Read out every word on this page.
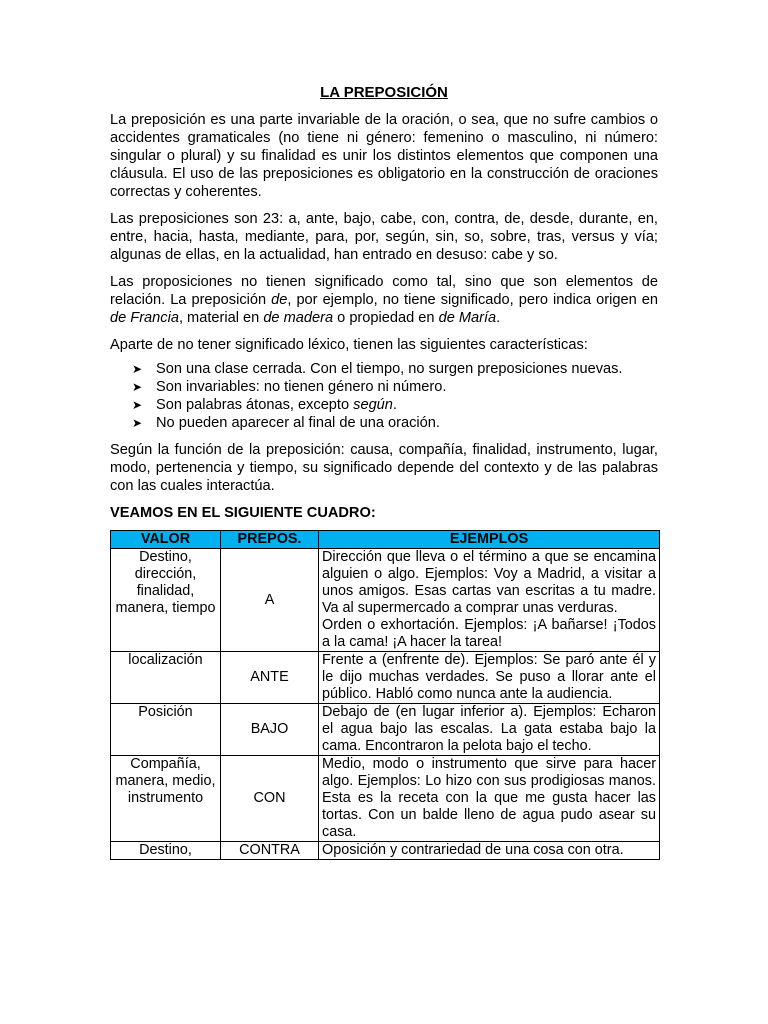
LA PREPOSICIÓN

La preposición es una parte invariable de la oración, o sea, que no sufre cambios o accidentes gramaticales (no tiene ni género: femenino o masculino, ni número: singular o plural) y su finalidad es unir los distintos elementos que componen una cláusula. El uso de las preposiciones es obligatorio en la construcción de oraciones correctas y coherentes.

Las preposiciones son 23: a, ante, bajo, cabe, con, contra, de, desde, durante, en, entre, hacia, hasta, mediante, para, por, según, sin, so, sobre, tras, versus y vía; algunas de ellas, en la actualidad, han entrado en desuso: cabe y so.

Las proposiciones no tienen significado como tal, sino que son elementos de relación. La preposición de, por ejemplo, no tiene significado, pero indica origen en de Francia, material en de madera o propiedad en de María.

Aparte de no tener significado léxico, tienen las siguientes características:

➤ Son una clase cerrada. Con el tiempo, no surgen preposiciones nuevas.
➤ Son invariables: no tienen género ni número.
➤ Son palabras átonas, excepto según.
➤ No pueden aparecer al final de una oración.

Según la función de la preposición: causa, compañía, finalidad, instrumento, lugar, modo, pertenencia y tiempo, su significado depende del contexto y de las palabras con las cuales interactúa.

VEAMOS EN EL SIGUIENTE CUADRO:
VALOR	PREPOS.	EJEMPLOS
Destino, dirección, finalidad, manera, tiempo	A	Dirección que lleva o el término a que se encamina alguien o algo. Ejemplos: Voy a Madrid, a visitar a unos amigos. Esas cartas van escritas a tu madre. Va al supermercado a comprar unas verduras.
Orden o exhortación. Ejemplos: ¡A bañarse! ¡Todos a la cama! ¡A hacer la tarea!

localización	ANTE	Frente a (enfrente de). Ejemplos: Se paró ante él y le dijo muchas verdades. Se puso a llorar ante el público. Habló como nunca ante la audiencia.
Posición	BAJO	Debajo de (en lugar inferior a). Ejemplos: Echaron el agua bajo las escalas. La gata estaba bajo la cama. Encontraron la pelota bajo el techo.
Compañía, manera, medio, instrumento	CON	Medio, modo o instrumento que sirve para hacer algo. Ejemplos: Lo hizo con sus prodigiosas manos. Esta es la receta con la que me gusta hacer las tortas. Con un balde lleno de agua pudo asear su casa.
Destino,	CONTRA	Oposición y contrariedad de una cosa con otra.
